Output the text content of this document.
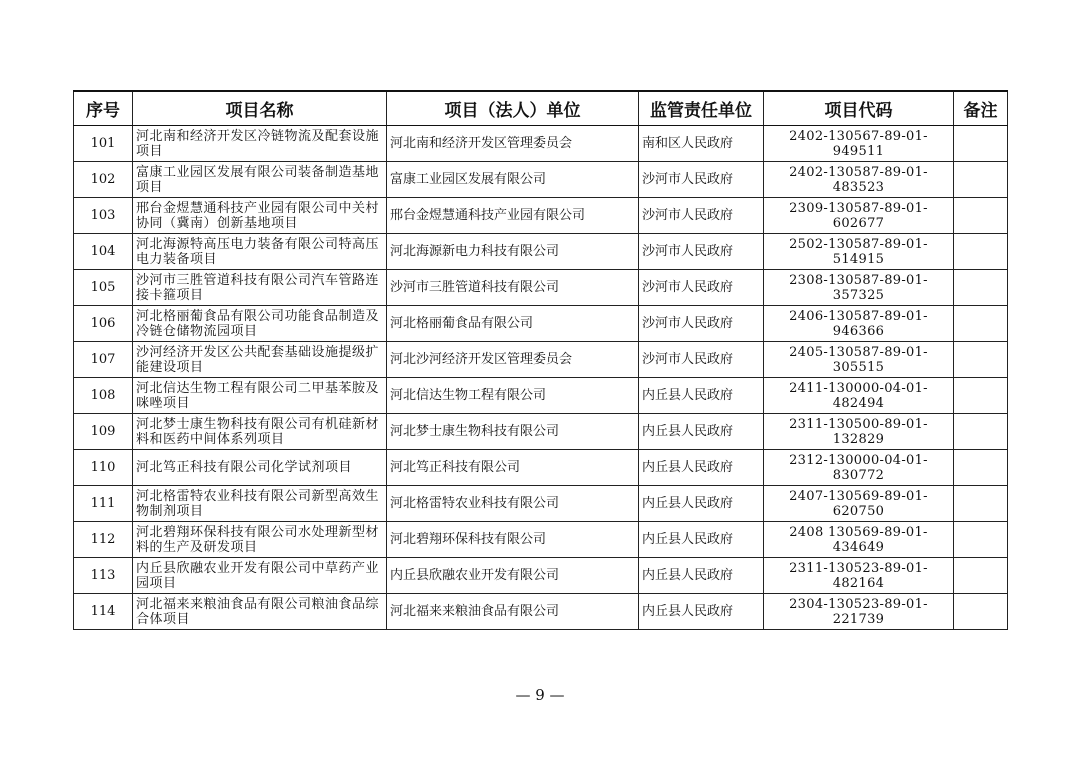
序号	项目名称	项目（法人）单位	监管责任单位	项目代码	备注
101	河北南和经济开发区冷链物流及配套设施项目	河北南和经济开发区管理委员会	南和区人民政府	2402-130567-89-01-949511	
102	富康工业园区发展有限公司装备制造基地项目	富康工业园区发展有限公司	沙河市人民政府	2402-130587-89-01-483523	
103	邢台金煜慧通科技产业园有限公司中关村协同（冀南）创新基地项目	邢台金煜慧通科技产业园有限公司	沙河市人民政府	2309-130587-89-01-602677	
104	河北海源特高压电力装备有限公司特高压电力装备项目	河北海源新电力科技有限公司	沙河市人民政府	2502-130587-89-01-514915	
105	沙河市三胜管道科技有限公司汽车管路连接卡箍项目	沙河市三胜管道科技有限公司	沙河市人民政府	2308-130587-89-01-357325	
106	河北格丽葡食品有限公司功能食品制造及冷链仓储物流园项目	河北格丽葡食品有限公司	沙河市人民政府	2406-130587-89-01-946366	
107	沙河经济开发区公共配套基础设施提级扩能建设项目	河北沙河经济开发区管理委员会	沙河市人民政府	2405-130587-89-01-305515	
108	河北信达生物工程有限公司二甲基苯胺及咪唑项目	河北信达生物工程有限公司	内丘县人民政府	2411-130000-04-01-482494	
109	河北梦士康生物科技有限公司有机硅新材料和医药中间体系列项目	河北梦士康生物科技有限公司	内丘县人民政府	2311-130500-89-01-132829	
110	河北笃正科技有限公司化学试剂项目	河北笃正科技有限公司	内丘县人民政府	2312-130000-04-01-830772	
111	河北格雷特农业科技有限公司新型高效生物制剂项目	河北格雷特农业科技有限公司	内丘县人民政府	2407-130569-89-01-620750	
112	河北碧翔环保科技有限公司水处理新型材料的生产及研发项目	河北碧翔环保科技有限公司	内丘县人民政府	2408 130569-89-01-434649	
113	内丘县欣融农业开发有限公司中草药产业园项目	内丘县欣融农业开发有限公司	内丘县人民政府	2311-130523-89-01-482164	
114	河北福来来粮油食品有限公司粮油食品综合体项目	河北福来来粮油食品有限公司	内丘县人民政府	2304-130523-89-01-221739	
— 9 —
